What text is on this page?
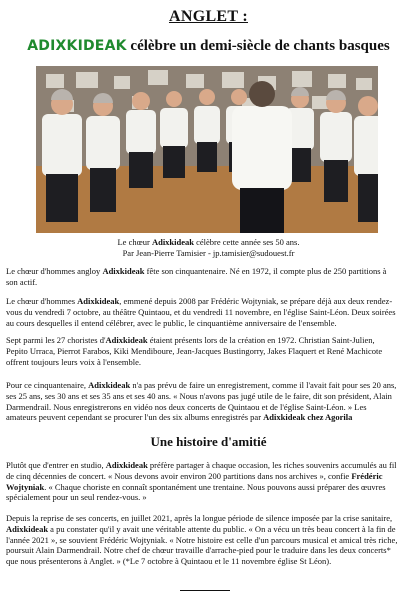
ANGLET :
ADIXKIDEAK célèbre un demi-siècle de chants basques
Le chœur Adixkideak célèbre cette année ses 50 ans.
Par Jean-Pierre Tamisier - jp.tamisier@sudouest.fr

Le chœur d'hommes angloy Adixkideak fête son cinquantenaire. Né en 1972, il compte plus de 250 partitions à son actif.

Le chœur d'hommes Adixkideak, emmené depuis 2008 par Frédéric Wojtyniak, se prépare déjà aux deux rendez-vous du vendredi 7 octobre, au théâtre Quintaou, et du vendredi 11 novembre, en l'église Saint-Léon. Deux soirées au cours desquelles il entend célébrer, avec le public, le cinquantième anniversaire de l'ensemble.

Sept parmi les 27 choristes d'Adixkideak étaient présents lors de la création en 1972. Christian Saint-Julien, Pepito Urraca, Pierrot Farabos, Kiki Mendiboure, Jean-Jacques Bustingorry, Jakes Flaquert et René Machicote offrent toujours leurs voix à l'ensemble.

Pour ce cinquantenaire, Adixkideak n'a pas prévu de faire un enregistrement, comme il l'avait fait pour ses 20 ans, ses 25 ans, ses 30 ans et ses 35 ans et ses 40 ans. « Nous n'avons pas jugé utile de le faire, dit son président, Alain Darmendrail. Nous enregistrerons en vidéo nos deux concerts de Quintaou et de l'église Saint-Léon. » Les amateurs peuvent cependant se procurer l'un des six albums enregistrés par Adixkideak chez Agorila

Une histoire d'amitié

Plutôt que d'entrer en studio, Adixkideak préfère partager à chaque occasion, les riches souvenirs accumulés au fil de cinq décennies de concert. « Nous devons avoir environ 200 partitions dans nos archives », confie Frédéric Wojtyniak. « Chaque choriste en connaît spontanément une trentaine. Nous pouvons aussi préparer des œuvres spécialement pour un seul rendez-vous. »

Depuis la reprise de ses concerts, en juillet 2021, après la longue période de silence imposée par la crise sanitaire, Adixkideak a pu constater qu'il y avait une véritable attente du public. « On a vécu un très beau concert à la fin de l'année 2021 », se souvient Frédéric Wojtyniak. « Notre histoire est celle d'un parcours musical et amical très riche, poursuit Alain Darmendrail. Notre chef de chœur travaille d'arrache-pied pour le traduire dans les deux concerts* que nous présenterons à Anglet. » (*Le 7 octobre à Quintaou et le 11 novembre église St Léon).
